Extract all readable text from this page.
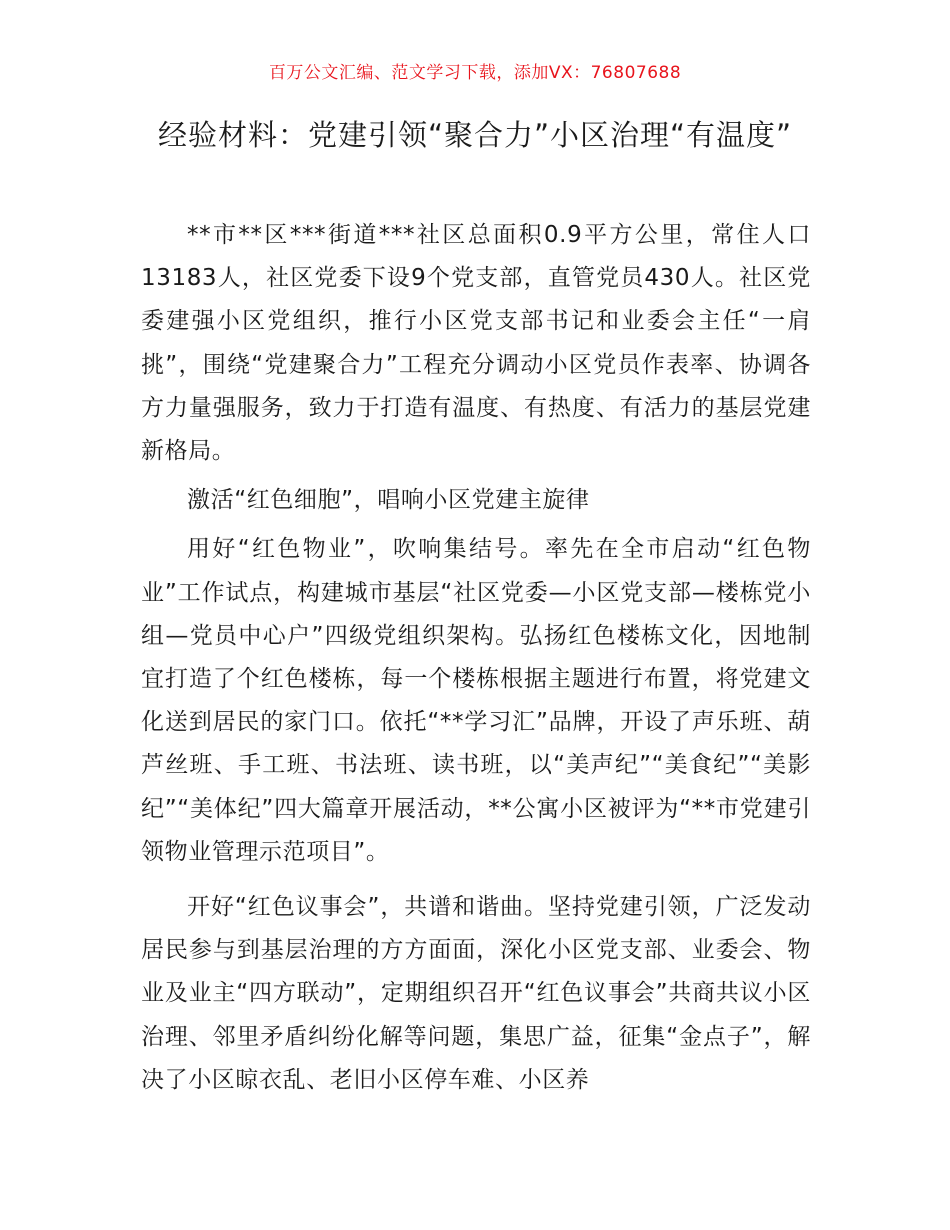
百万公文汇编、范文学习下载，添加VX：76807688
经验材料：党建引领“聚合力”小区治理“有温度”

**市**区***街道***社区总面积0.9平方公里，常住人口13183人，社区党委下设9个党支部，直管党员430人。社区党委建强小区党组织，推行小区党支部书记和业委会主任“一肩挑”，围绕“党建聚合力”工程充分调动小区党员作表率、协调各方力量强服务，致力于打造有温度、有热度、有活力的基层党建新格局。

激活“红色细胞”，唱响小区党建主旋律

用好“红色物业”，吹响集结号。率先在全市启动“红色物业”工作试点，构建城市基层“社区党委—小区党支部—楼栋党小组—党员中心户”四级党组织架构。弘扬红色楼栋文化，因地制宜打造了个红色楼栋，每一个楼栋根据主题进行布置，将党建文化送到居民的家门口。依托“**学习汇”品牌，开设了声乐班、葫芦丝班、手工班、书法班、读书班，以“美声纪”“美食纪”“美影纪”“美体纪”四大篇章开展活动，**公寓小区被评为“**市党建引领物业管理示范项目”。

开好“红色议事会”，共谱和谐曲。坚持党建引领，广泛发动居民参与到基层治理的方方面面，深化小区党支部、业委会、物业及业主“四方联动”，定期组织召开“红色议事会”共商共议小区治理、邻里矛盾纠纷化解等问题，集思广益，征集“金点子”，解决了小区晾衣乱、老旧小区停车难、小区养
